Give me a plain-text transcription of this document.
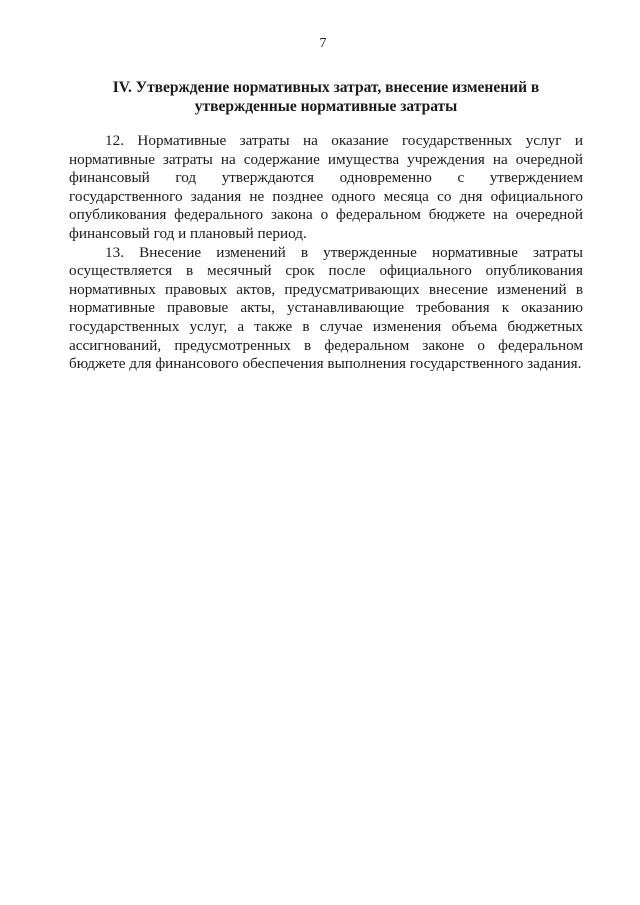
7
IV. Утверждение нормативных затрат, внесение изменений в утвержденные нормативные затраты

12. Нормативные затраты на оказание государственных услуг и нормативные затраты на содержание имущества учреждения на очередной финансовый год утверждаются одновременно с утверждением государственного задания не позднее одного месяца со дня официального опубликования федерального закона о федеральном бюджете на очередной финансовый год и плановый период.

13. Внесение изменений в утвержденные нормативные затраты осуществляется в месячный срок после официального опубликования нормативных правовых актов, предусматривающих внесение изменений в нормативные правовые акты, устанавливающие требования к оказанию государственных услуг, а также в случае изменения объема бюджетных ассигнований, предусмотренных в федеральном законе о федеральном бюджете для финансового обеспечения выполнения государственного задания.
